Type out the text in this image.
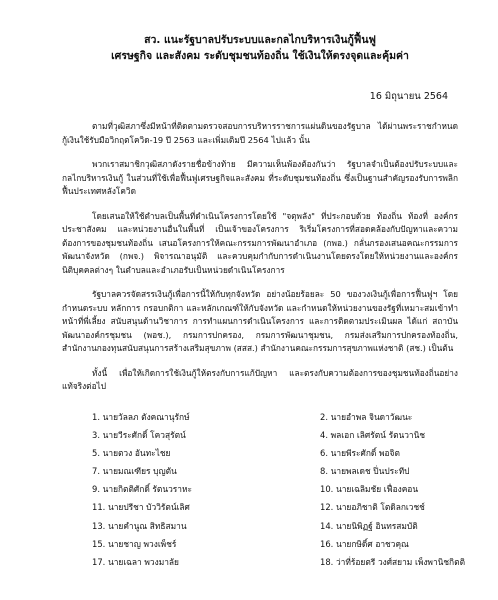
สว. แนะรัฐบาลปรับระบบและกลไกบริหารเงินกู้ฟื้นฟู

เศรษฐกิจ และสังคม ระดับชุมชนท้องถิ่น ใช้เงินให้ตรงจุดและคุ้มค่า

16 มิถุนายน 2564

ตามที่วุฒิสภาซึ่งมีหน้าที่ติดตามตรวจสอบการบริหารราชการแผ่นดินของรัฐบาล ได้ผ่านพระราชกำหนดกู้เงินใช้รับมือวิกฤตโควิด-19 ปี 2563 และเพิ่มเติมปี 2564 ไปแล้ว นั้น

พวกเราสมาชิกวุฒิสภาดังรายชื่อข้างท้าย มีความเห็นพ้องต้องกันว่า รัฐบาลจำเป็นต้องปรับระบบและกลไกบริหารเงินกู้ ในส่วนที่ใช้เพื่อฟื้นฟูเศรษฐกิจและสังคม ที่ระดับชุมชนท้องถิ่น ซึ่งเป็นฐานสำคัญรองรับการพลิกฟื้นประเทศหลังโควิด

โดยเสนอให้ใช้ตำบลเป็นพื้นที่ดำเนินโครงการโดยใช้ "จตุพลัง" ที่ประกอบด้วย ท้องถิ่น ท้องที่ องค์กรประชาสังคม และหน่วยงานอื่นในพื้นที่ เป็นเจ้าของโครงการ ริเริ่มโครงการที่สอดคล้องกับปัญหาและความต้องการของชุมชนท้องถิ่น เสนอโครงการให้คณะกรรมการพัฒนาอำเภอ (กพอ.) กลั่นกรองเสนอคณะกรรมการพัฒนาจังหวัด (กพจ.) พิจารณาอนุมัติ และควบคุมกำกับการดำเนินงานโดยตรงโดยให้หน่วยงานและองค์กรนิติบุคคลต่างๆ ในตำบลและอำเภอรับเป็นหน่วยดำเนินโครงการ

รัฐบาลควรจัดสรรเงินกู้เพื่อการนี้ให้กับทุกจังหวัด อย่างน้อยร้อยละ 50 ของวงเงินกู้เพื่อการฟื้นฟูฯ โดยกำหนดระบบ หลักการ กรอบกติกา และหลักเกณฑ์ให้กับจังหวัด และกำหนดให้หน่วยงานของรัฐที่เหมาะสมเข้าทำหน้าที่พี่เลี้ยง สนับสนุนด้านวิชาการ การทำแผนการดำเนินโครงการ และการติดตามประเมินผล ได้แก่ สถาบันพัฒนาองค์กรชุมชน (พอช.), กรมการปกครอง, กรมการพัฒนาชุมชน, กรมส่งเสริมการปกครองท้องถิ่น, สำนักงานกองทุนสนับสนุนการสร้างเสริมสุขภาพ (สสส.) สำนักงานคณะกรรมการสุขภาพแห่งชาติ (สช.) เป็นต้น

ทั้งนี้ เพื่อให้เกิดการใช้เงินกู้ให้ตรงกับการแก้ปัญหา และตรงกับความต้องการของชุมชนท้องถิ่นอย่างแท้จริงต่อไป

1. นายวัลลภ ตังคณานุรักษ์	2. นายอำพล จินดาวัฒนะ
3. นายวีระศักดิ์ โควสุรัตน์	4. พลเอก เลิศรัตน์ รัตนวานิช
5. นายตวง อันทะไชย	6. นายพีระศักดิ์ พอจิต
7. นายมณเฑียร บุญตัน	8. นายพลเดช ปิ่นประทีป
9. นายกิตติศักดิ์ รัตนวราหะ	10. นายเฉลิมชัย เฟื่องคอน
11. นายปรีชา บัววิรัตน์เลิศ	12. นายอภิชาติ โตดิลกเวชช์
13. นายคำนูณ สิทธิสมาน	14. นายนิพิฏฐ์ อินทรสมบัติ
15. นายชาญ พวงเพ็ชร์	16. นายกษิดิ์ศ อาชวคุณ
17. นายเฉลา พวงมาลัย	18. ว่าที่ร้อยตรี วงศ์สยาม เพ็งพานิชกิตติ
